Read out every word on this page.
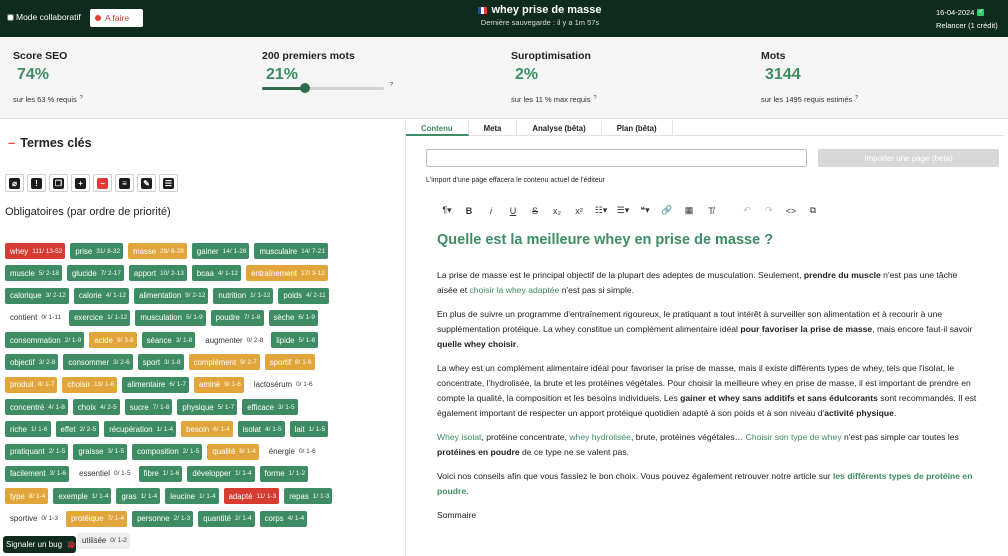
Mode collaboratif	A faire
whey prise de masse
Dernière sauvegarde : il y a 1m 57s
16-04-2024 ✓
Relancer (1 crédit)
Score SEO
74%
sur les 63 % requis ?
200 premiers mots
21%
Suroptimisation
2%
sur les 11 % max requis ?
Mots
3144
sur les 1495 requis estimés ?
?
– Termes clés
⌀	!	❐	+	−	≡	✎ ☰
Obligatoires (par ordre de priorité)
whey 111/ 13-52 prise 31/ 8-32 masse 29/ 8-28 gainer 14/ 1-28 musculaire 14/ 7-21
muscle 5/ 2-18 glucide 7/ 2-17 apport 10/ 2-13 bcaa 4/ 1-12 entraînement 17/ 3-12
calorique 3/ 2-12 calorie 4/ 1-12 alimentation 9/ 2-12 nutrition 1/ 1-12 poids 4/ 2-11
contient 0/ 1-11 exercice 1/ 1-12 musculation 5/ 1-9 poudre 7/ 1-8 sèche 6/ 1-9
consommation 2/ 1-9 acide 9/ 3-8 séance 3/ 1-8 augmenter 0/ 2-8 lipide 5/ 1-8
objectif 3/ 2-8 consommer 3/ 2-6 sport 3/ 1-8 complément 9/ 2-7 sportif 8/ 1-6
produit 8/ 1-7 choisir 13/ 1-6 alimentaire 6/ 1-7 aminé 9/ 1-6 lactosérum 0/ 1-6
concentré 4/ 1-8 choix 4/ 2-5 sucre 7/ 1-8 physique 5/ 1-7 efficace 3/ 1-5
riche 1/ 1-6 effet 2/ 2-5 récupération 1/ 1-4 besoin 6/ 1-4 isolat 4/ 1-5 lait 1/ 1-5
pratiquant 2/ 1-5 graisse 3/ 1-5 composition 2/ 1-5 qualité 8/ 1-4 énergie 0/ 1-6
facilement 3/ 1-6 essentiel 0/ 1-5 fibre 1/ 1-6 développer 1/ 1-4 forme 1/ 1-2
type 8/ 1-4 exemple 1/ 1-4 gras 1/ 1-4 leucine 1/ 1-4 adapté 11/ 1-3 repas 1/ 1-3
sportive 0/ 1-3 protéique 7/ 1-4 personne 2/ 1-3 quantité 2/ 1-4 corps 4/ 1-4
utilisée 0/ 1-2
Signaler un bug 🐞
Contenu	Meta	Analyse (bêta)	Plan (bêta)
Importer une page (beta)
L'import d'une page effacera le contenu actuel de l'éditeur
¶▾	B	i	U	S	x₂	x²	☷▾	☰▾	❝▾	🔗	▦	T̸	↶	↷	<>	⧉
Quelle est la meilleure whey en prise de masse ?

La prise de masse est le principal objectif de la plupart des adeptes de musculation. Seulement, prendre du muscle n'est pas une tâche aisée et choisir la whey adaptée n'est pas si simple.

En plus de suivre un programme d'entraînement rigoureux, le pratiquant a tout intérêt à surveiller son alimentation et à recourir à une supplémentation protéique. La whey constitue un complément alimentaire idéal pour favoriser la prise de masse, mais encore faut-il savoir quelle whey choisir.

La whey est un complément alimentaire idéal pour favoriser la prise de masse, mais il existe différents types de whey, tels que l'isolat, le concentrate, l'hydrolisée, la brute et les protéines végétales. Pour choisir la meilleure whey en prise de masse, il est important de prendre en compte la qualité, la composition et les besoins individuels. Les gainer et whey sans additifs et sans édulcorants sont recommandés. Il est également important de respecter un apport protéique quotidien adapté à son poids et à son niveau d'activité physique.

Whey isolat, protéine concentrate, whey hydrolisée, brute, protéines végétales… Choisir son type de whey n'est pas simple car toutes les protéines en poudre de ce type ne se valent pas.

Voici nos conseils afin que vous fassiez le bon choix. Vous pouvez également retrouver notre article sur les différents types de protéine en poudre.

Sommaire
